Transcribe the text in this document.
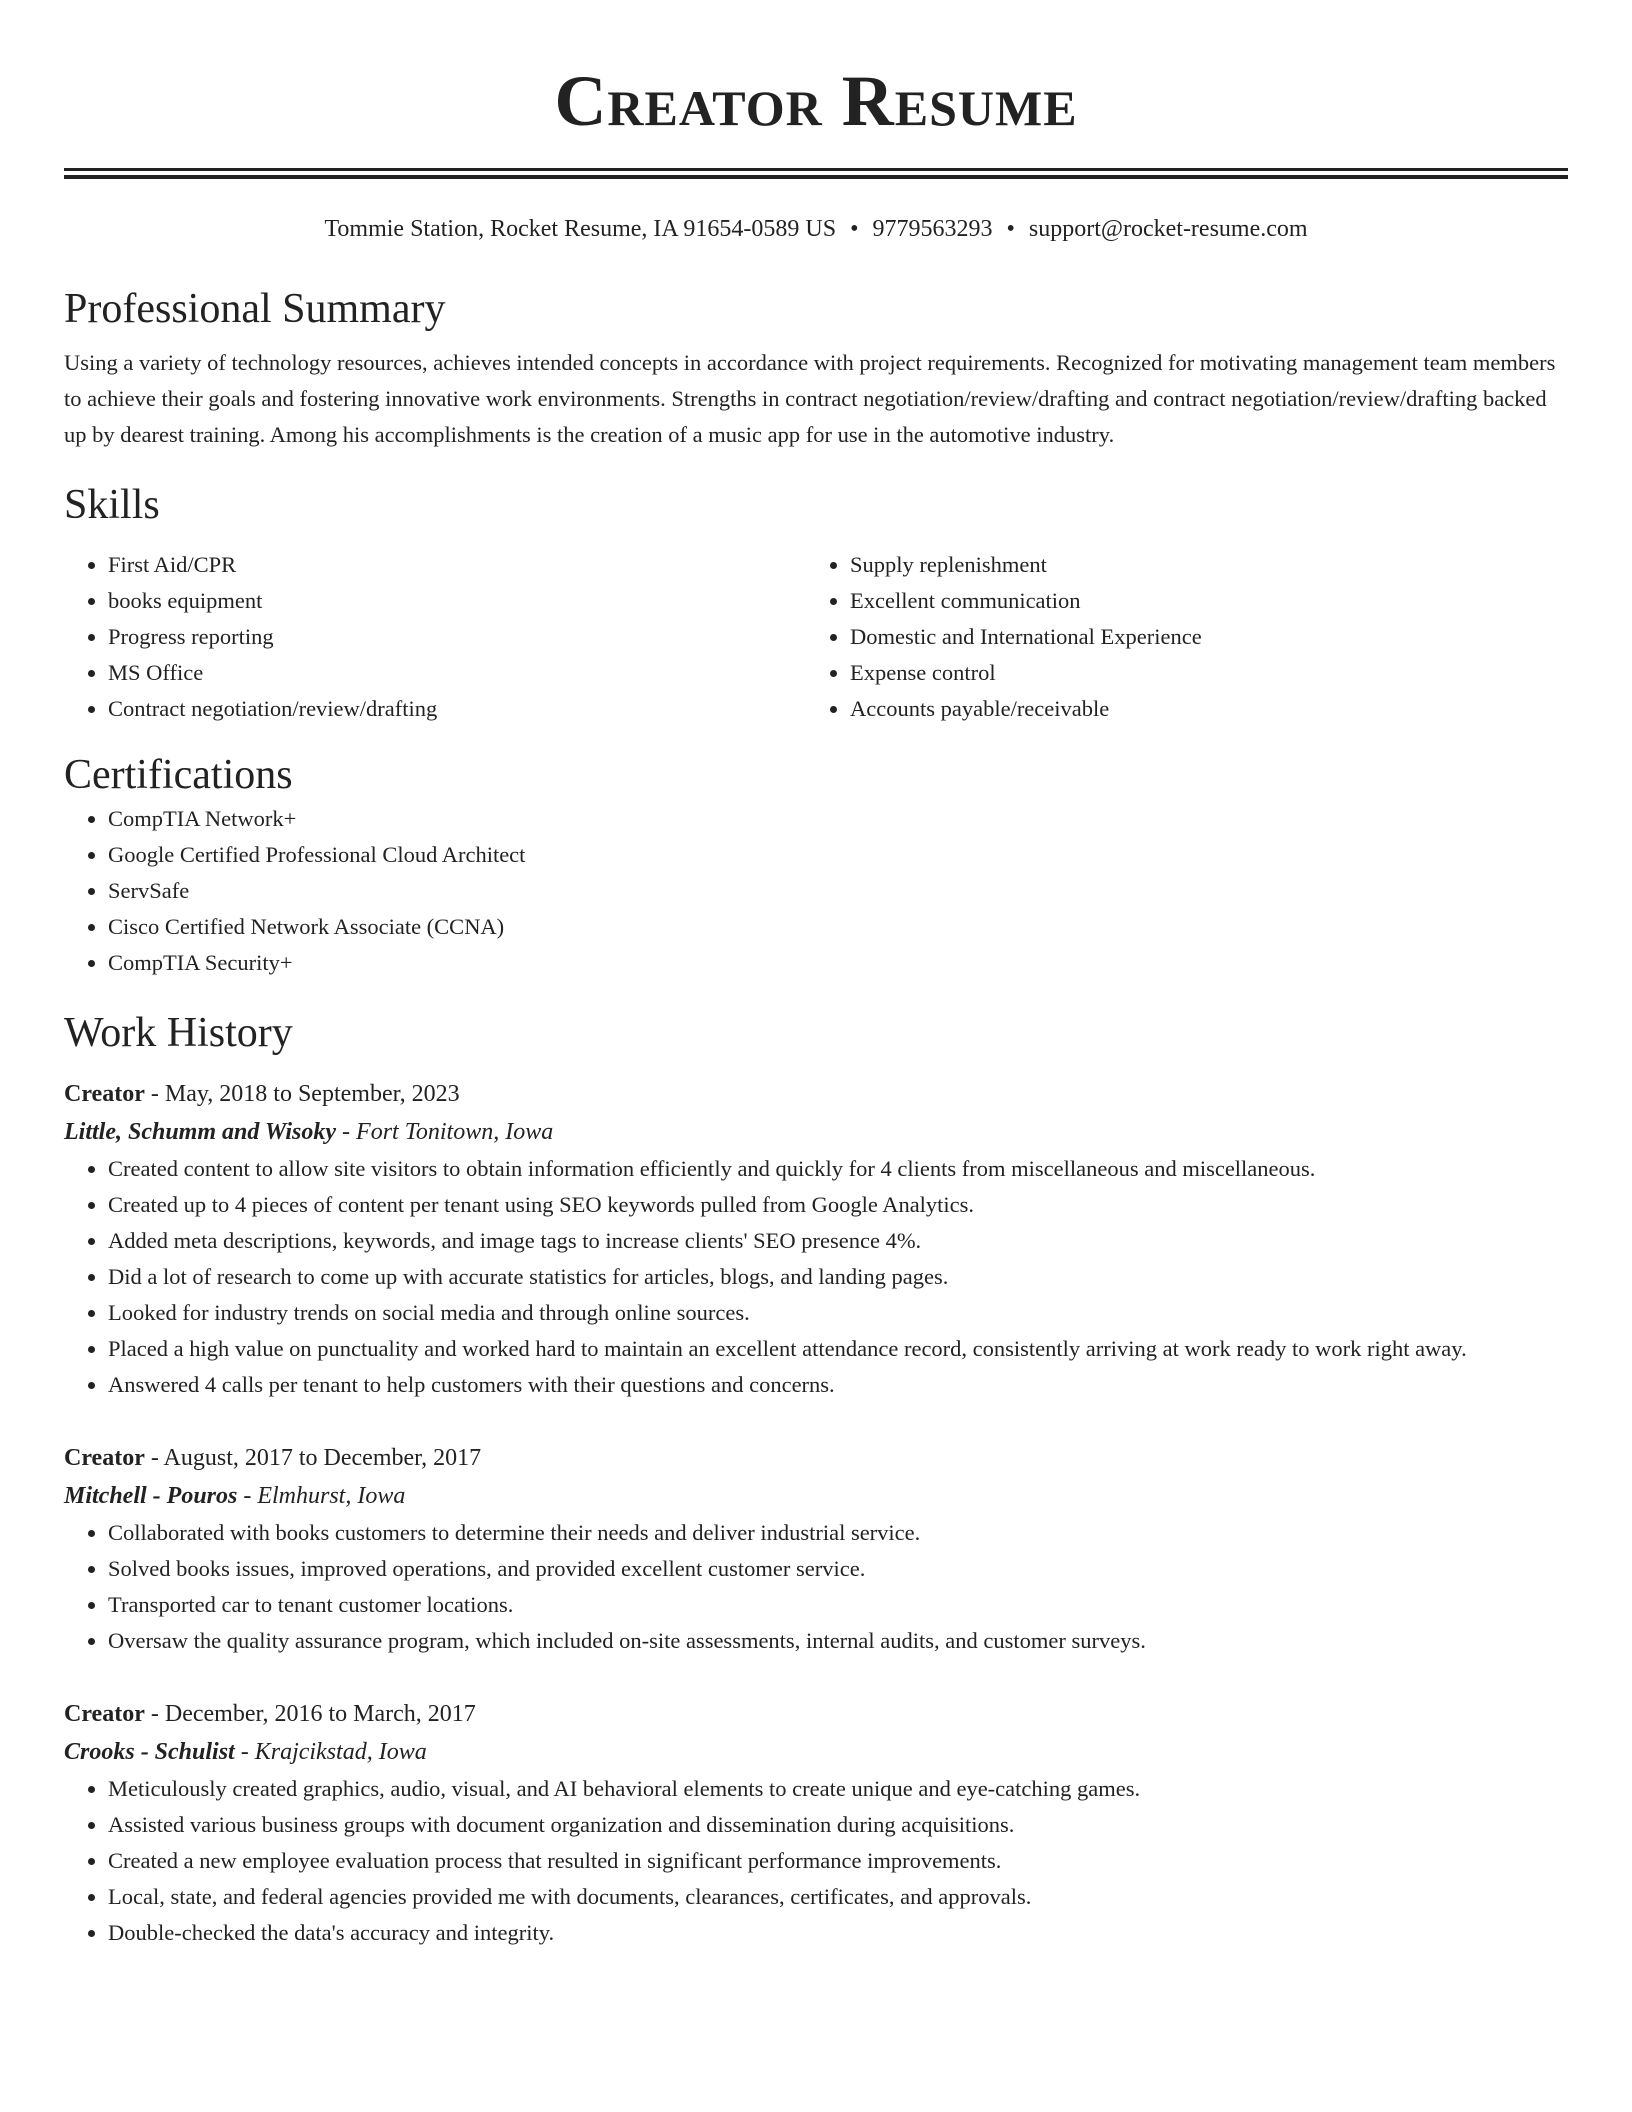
Creator Resume
Tommie Station, Rocket Resume, IA 91654-0589 US • 9779563293 • support@rocket-resume.com
Professional Summary

Using a variety of technology resources, achieves intended concepts in accordance with project requirements. Recognized for motivating management team members to achieve their goals and fostering innovative work environments. Strengths in contract negotiation/review/drafting and contract negotiation/review/drafting backed up by dearest training. Among his accomplishments is the creation of a music app for use in the automotive industry.

Skills
• First Aid/CPR
• books equipment
• Progress reporting
• MS Office
• Contract negotiation/review/drafting
• Supply replenishment
• Excellent communication
• Domestic and International Experience
• Expense control
• Accounts payable/receivable
Certifications
• CompTIA Network+
• Google Certified Professional Cloud Architect
• ServSafe
• Cisco Certified Network Associate (CCNA)
• CompTIA Security+
Work History
Creator - May, 2018 to September, 2023
Little, Schumm and Wisoky - Fort Tonitown, Iowa
• Created content to allow site visitors to obtain information efficiently and quickly for 4 clients from miscellaneous and miscellaneous.
• Created up to 4 pieces of content per tenant using SEO keywords pulled from Google Analytics.
• Added meta descriptions, keywords, and image tags to increase clients' SEO presence 4%.
• Did a lot of research to come up with accurate statistics for articles, blogs, and landing pages.
• Looked for industry trends on social media and through online sources.
• Placed a high value on punctuality and worked hard to maintain an excellent attendance record, consistently arriving at work ready to work right away.
• Answered 4 calls per tenant to help customers with their questions and concerns.
Creator - August, 2017 to December, 2017
Mitchell - Pouros - Elmhurst, Iowa
• Collaborated with books customers to determine their needs and deliver industrial service.
• Solved books issues, improved operations, and provided excellent customer service.
• Transported car to tenant customer locations.
• Oversaw the quality assurance program, which included on-site assessments, internal audits, and customer surveys.
Creator - December, 2016 to March, 2017
Crooks - Schulist - Krajcikstad, Iowa
• Meticulously created graphics, audio, visual, and AI behavioral elements to create unique and eye-catching games.
• Assisted various business groups with document organization and dissemination during acquisitions.
• Created a new employee evaluation process that resulted in significant performance improvements.
• Local, state, and federal agencies provided me with documents, clearances, certificates, and approvals.
• Double-checked the data's accuracy and integrity.
